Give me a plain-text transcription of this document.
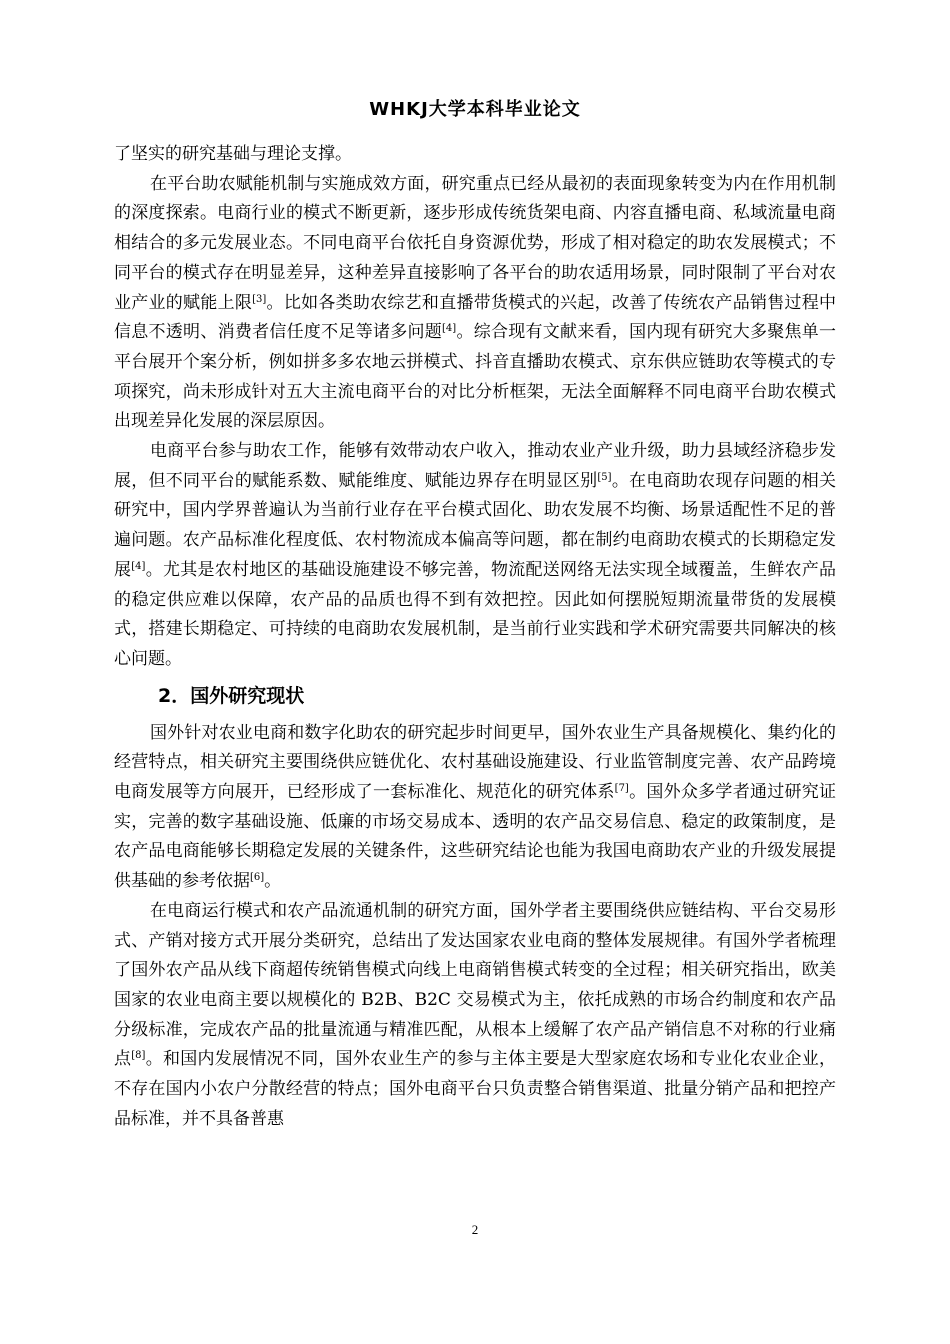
WHKJ大学本科毕业论文

了坚实的研究基础与理论支撑。

在平台助农赋能机制与实施成效方面，研究重点已经从最初的表面现象转变为内在作用机制的深度探索。电商行业的模式不断更新，逐步形成传统货架电商、内容直播电商、私域流量电商相结合的多元发展业态。不同电商平台依托自身资源优势，形成了相对稳定的助农发展模式；不同平台的模式存在明显差异，这种差异直接影响了各平台的助农适用场景，同时限制了平台对农业产业的赋能上限[3]。比如各类助农综艺和直播带货模式的兴起，改善了传统农产品销售过程中信息不透明、消费者信任度不足等诸多问题[4]。综合现有文献来看，国内现有研究大多聚焦单一平台展开个案分析，例如拼多多农地云拼模式、抖音直播助农模式、京东供应链助农等模式的专项探究，尚未形成针对五大主流电商平台的对比分析框架，无法全面解释不同电商平台助农模式出现差异化发展的深层原因。

电商平台参与助农工作，能够有效带动农户收入，推动农业产业升级，助力县域经济稳步发展，但不同平台的赋能系数、赋能维度、赋能边界存在明显区别[5]。在电商助农现存问题的相关研究中，国内学界普遍认为当前行业存在平台模式固化、助农发展不均衡、场景适配性不足的普遍问题。农产品标准化程度低、农村物流成本偏高等问题，都在制约电商助农模式的长期稳定发展[4]。尤其是农村地区的基础设施建设不够完善，物流配送网络无法实现全域覆盖，生鲜农产品的稳定供应难以保障，农产品的品质也得不到有效把控。因此如何摆脱短期流量带货的发展模式，搭建长期稳定、可持续的电商助农发展机制，是当前行业实践和学术研究需要共同解决的核心问题。

2．国外研究现状

国外针对农业电商和数字化助农的研究起步时间更早，国外农业生产具备规模化、集约化的经营特点，相关研究主要围绕供应链优化、农村基础设施建设、行业监管制度完善、农产品跨境电商发展等方向展开，已经形成了一套标准化、规范化的研究体系[7]。国外众多学者通过研究证实，完善的数字基础设施、低廉的市场交易成本、透明的农产品交易信息、稳定的政策制度，是农产品电商能够长期稳定发展的关键条件，这些研究结论也能为我国电商助农产业的升级发展提供基础的参考依据[6]。

在电商运行模式和农产品流通机制的研究方面，国外学者主要围绕供应链结构、平台交易形式、产销对接方式开展分类研究，总结出了发达国家农业电商的整体发展规律。有国外学者梳理了国外农产品从线下商超传统销售模式向线上电商销售模式转变的全过程；相关研究指出，欧美国家的农业电商主要以规模化的 B2B、B2C 交易模式为主，依托成熟的市场合约制度和农产品分级标准，完成农产品的批量流通与精准匹配，从根本上缓解了农产品产销信息不对称的行业痛点[8]。和国内发展情况不同，国外农业生产的参与主体主要是大型家庭农场和专业化农业企业，不存在国内小农户分散经营的特点；国外电商平台只负责整合销售渠道、批量分销产品和把控产品标准，并不具备普惠

2
